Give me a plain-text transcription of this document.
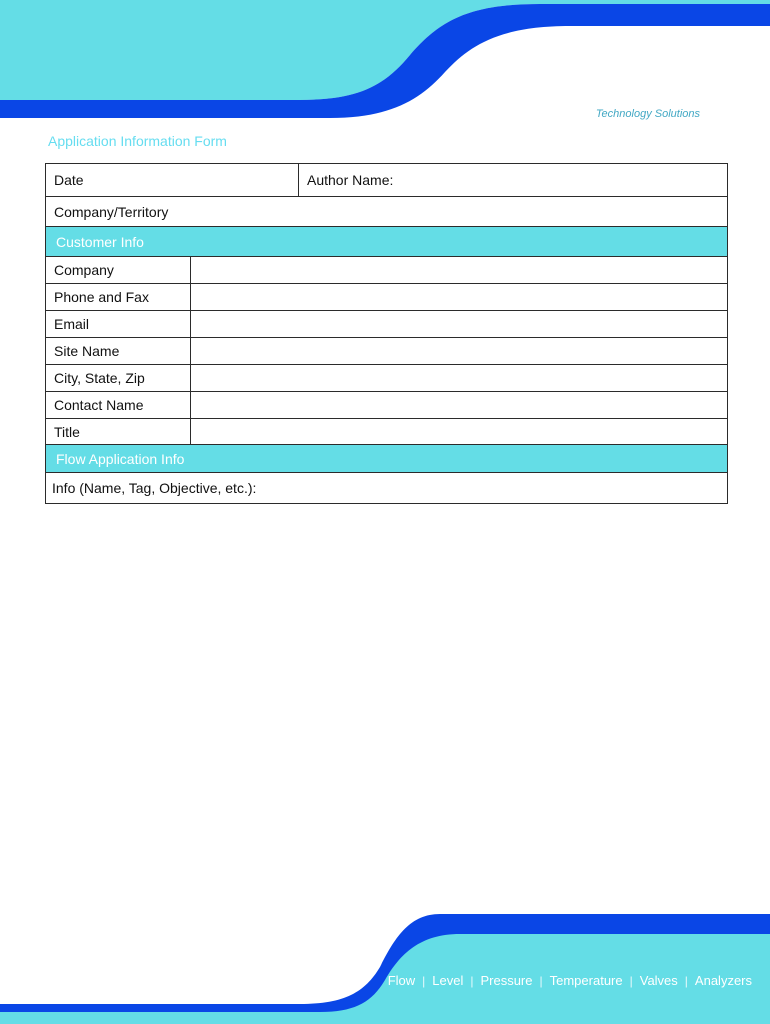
TEKTROL
Technology Solutions
Application Information Form
Date	Author Name:
Company/Territory
Customer Info
Company
Phone and Fax
Email
Site Name
City, State, Zip
Contact Name
Title
Flow Application Info
Info (Name, Tag, Objective, etc.):
Flow | Level | Pressure | Temperature | Valves | Analyzers
